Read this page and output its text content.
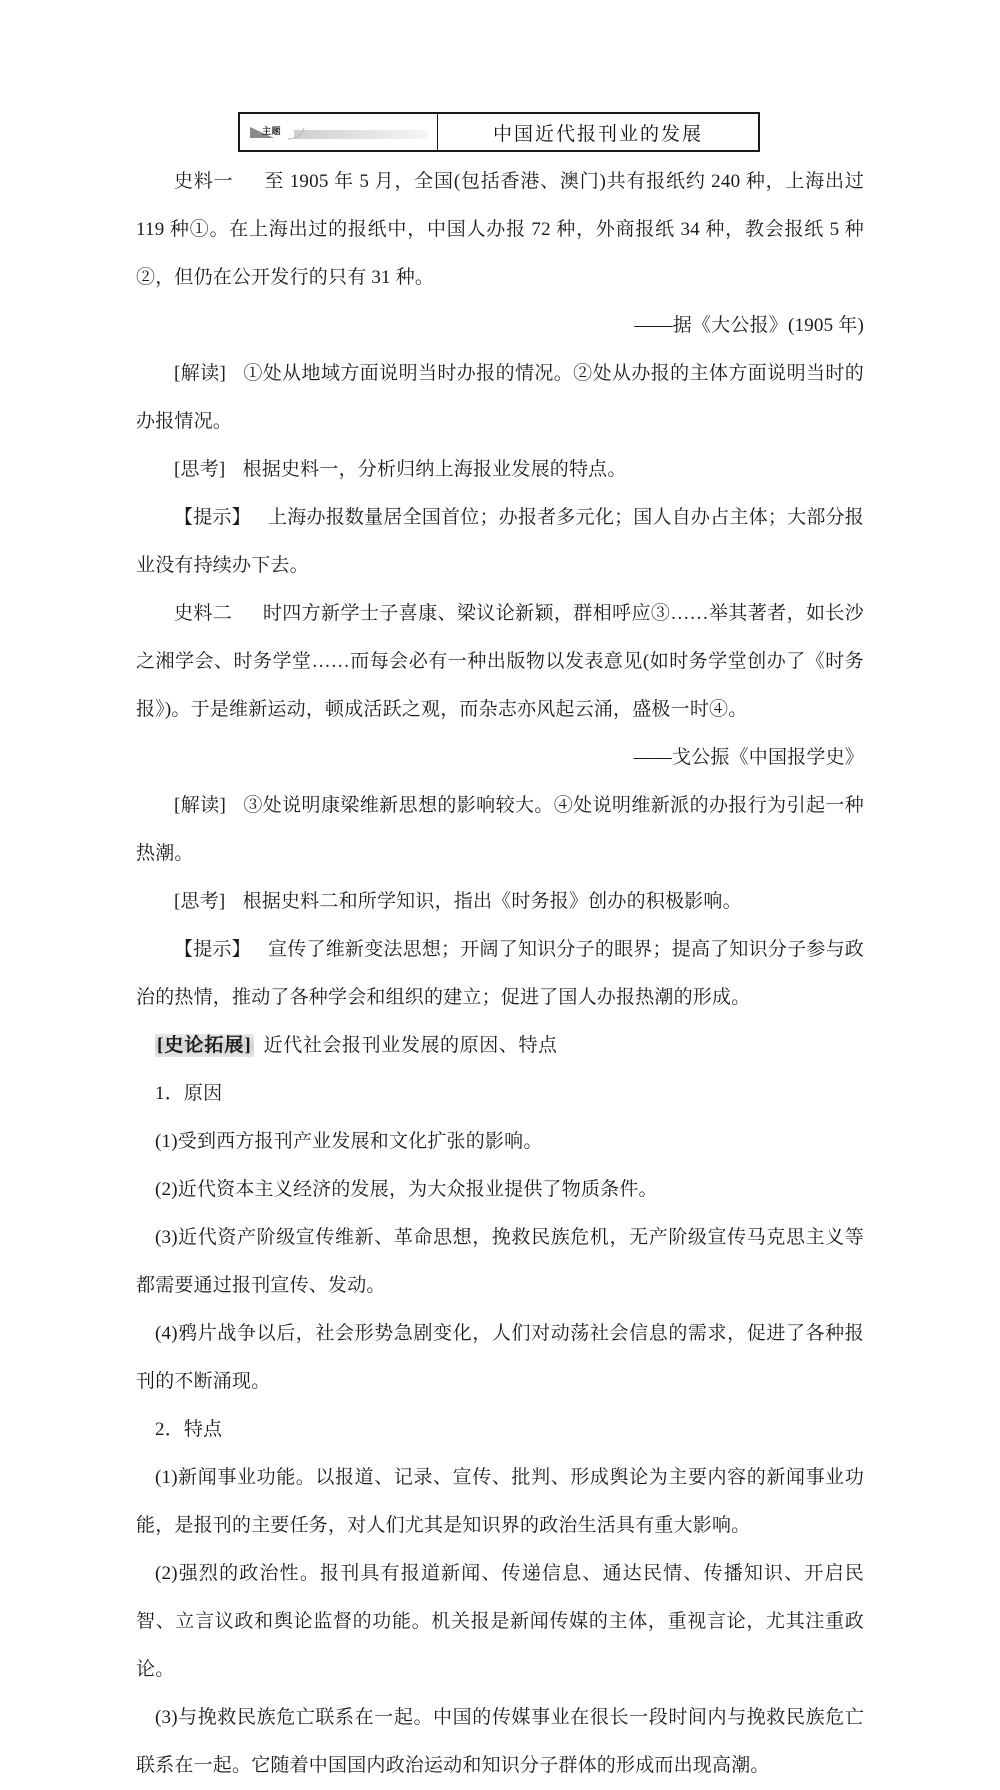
主题	中国近代报刊业的发展

史料一 至 1905 年 5 月，全国(包括香港、澳门)共有报纸约 240 种，上海出过 119 种①。在上海出过的报纸中，中国人办报 72 种，外商报纸 34 种，教会报纸 5 种②，但仍在公开发行的只有 31 种。

——据《大公报》(1905 年)

[解读] ①处从地域方面说明当时办报的情况。②处从办报的主体方面说明当时的办报情况。

[思考] 根据史料一，分析归纳上海报业发展的特点。

【提示】 上海办报数量居全国首位；办报者多元化；国人自办占主体；大部分报业没有持续办下去。

史料二 时四方新学士子喜康、梁议论新颖，群相呼应③……举其著者，如长沙之湘学会、时务学堂……而每会必有一种出版物以发表意见(如时务学堂创办了《时务报》)。于是维新运动，顿成活跃之观，而杂志亦风起云涌，盛极一时④。

——戈公振《中国报学史》

[解读] ③处说明康梁维新思想的影响较大。④处说明维新派的办报行为引起一种热潮。

[思考] 根据史料二和所学知识，指出《时务报》创办的积极影响。

【提示】 宣传了维新变法思想；开阔了知识分子的眼界；提高了知识分子参与政治的热情，推动了各种学会和组织的建立；促进了国人办报热潮的形成。

[史论拓展] 近代社会报刊业发展的原因、特点

1．原因

(1)受到西方报刊产业发展和文化扩张的影响。

(2)近代资本主义经济的发展，为大众报业提供了物质条件。

(3)近代资产阶级宣传维新、革命思想，挽救民族危机，无产阶级宣传马克思主义等都需要通过报刊宣传、发动。

(4)鸦片战争以后，社会形势急剧变化，人们对动荡社会信息的需求，促进了各种报刊的不断涌现。

2．特点

(1)新闻事业功能。以报道、记录、宣传、批判、形成舆论为主要内容的新闻事业功能，是报刊的主要任务，对人们尤其是知识界的政治生活具有重大影响。

(2)强烈的政治性。报刊具有报道新闻、传递信息、通达民情、传播知识、开启民智、立言议政和舆论监督的功能。机关报是新闻传媒的主体，重视言论，尤其注重政论。

(3)与挽救民族危亡联系在一起。中国的传媒事业在很长一段时间内与挽救民族危亡联系在一起。它随着中国国内政治运动和知识分子群体的形成而出现高潮。
